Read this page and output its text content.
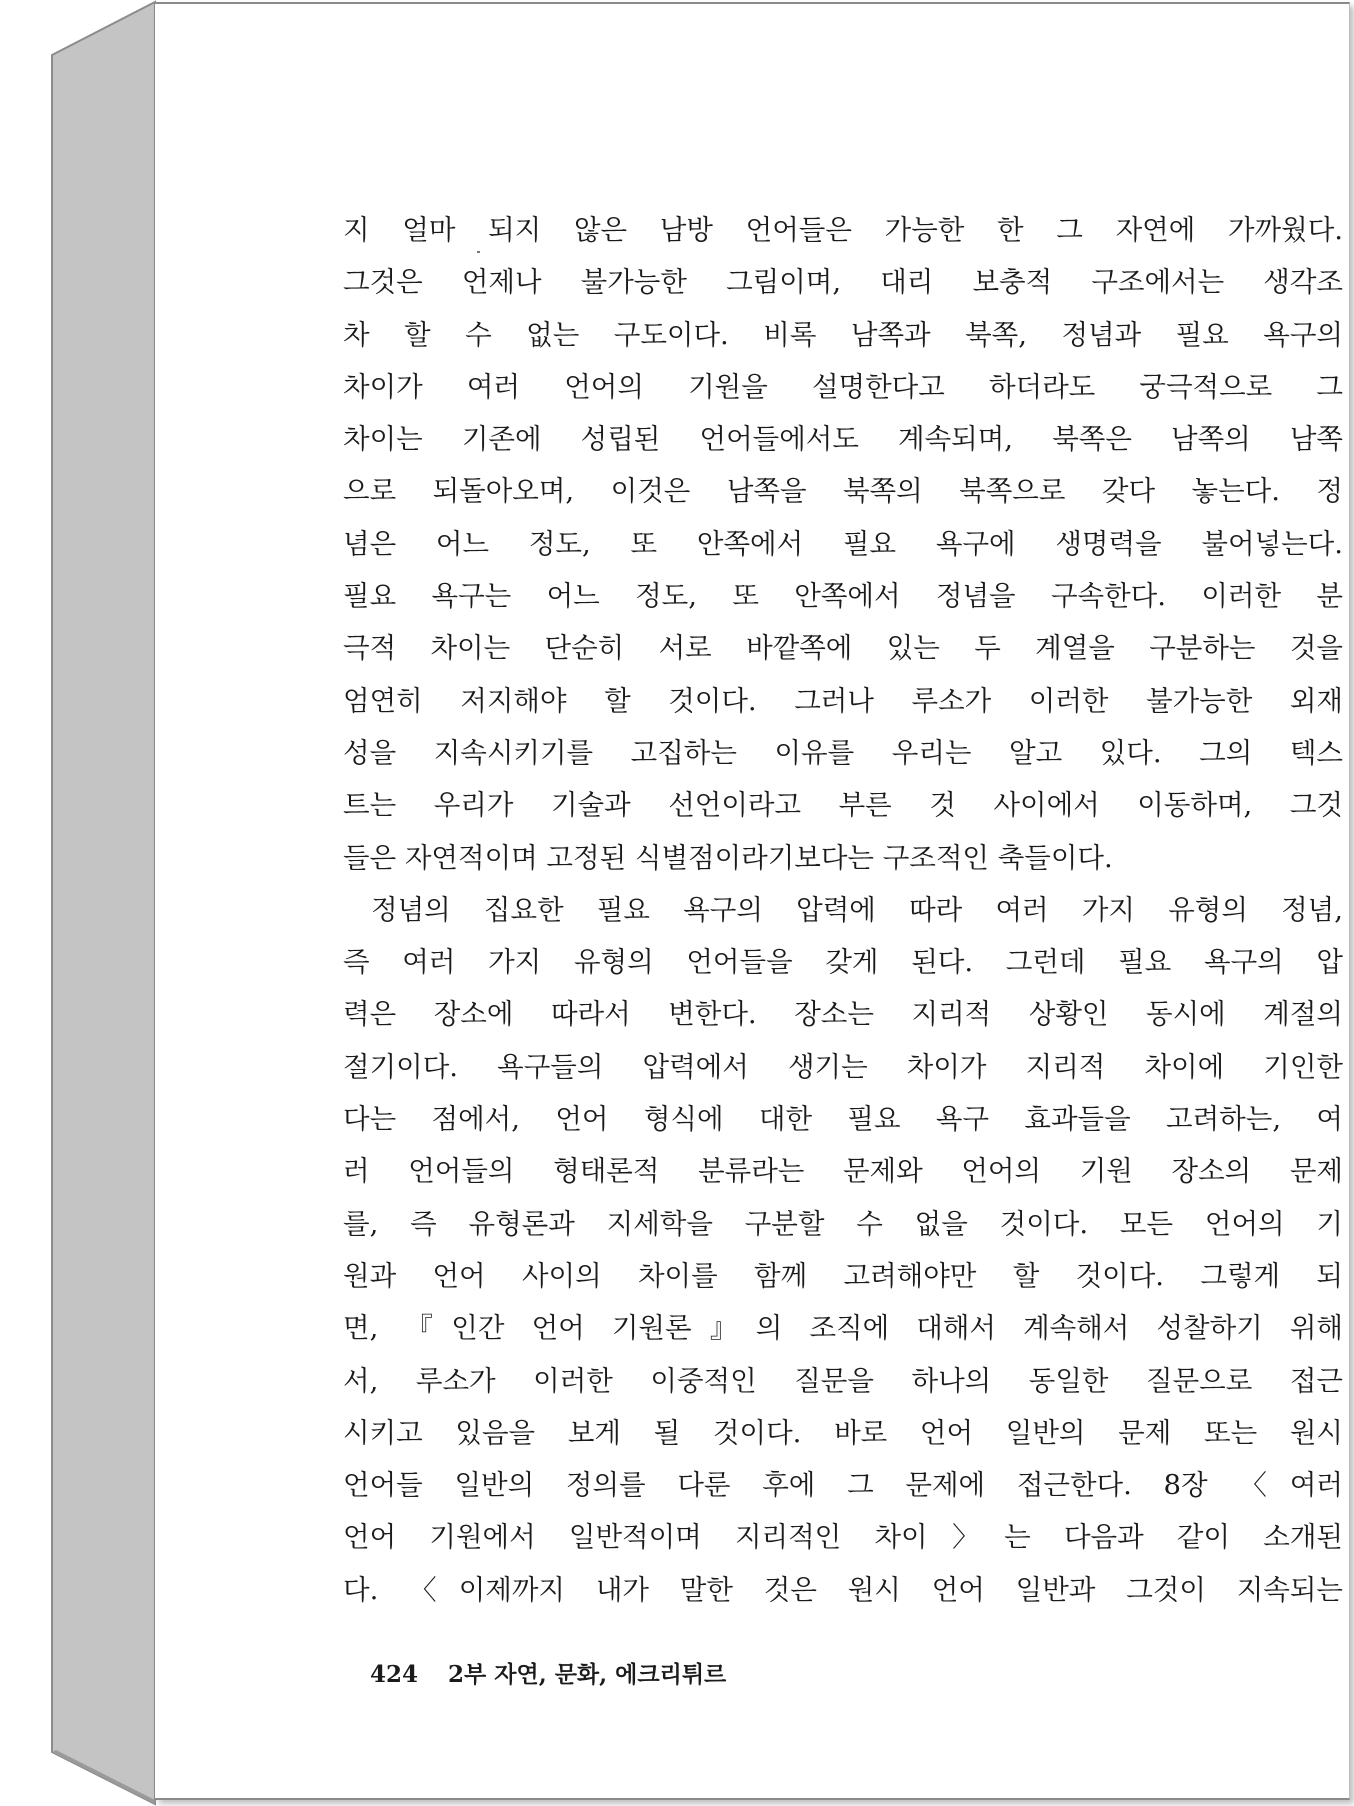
지 얼마 되지 않은 남방 언어들은 가능한 한 그 자연에 가까웠다.
그것은 언제나 불가능한 그림이며, 대리 보충적 구조에서는 생각조
차 할 수 없는 구도이다. 비록 남쪽과 북쪽, 정념과 필요 욕구의
차이가 여러 언어의 기원을 설명한다고 하더라도 궁극적으로 그
차이는 기존에 성립된 언어들에서도 계속되며, 북쪽은 남쪽의 남쪽
으로 되돌아오며, 이것은 남쪽을 북쪽의 북쪽으로 갖다 놓는다. 정
념은 어느 정도, 또 안쪽에서 필요 욕구에 생명력을 불어넣는다.
필요 욕구는 어느 정도, 또 안쪽에서 정념을 구속한다. 이러한 분
극적 차이는 단순히 서로 바깥쪽에 있는 두 계열을 구분하는 것을
엄연히 저지해야 할 것이다. 그러나 루소가 이러한 불가능한 외재
성을 지속시키기를 고집하는 이유를 우리는 알고 있다. 그의 텍스
트는 우리가 기술과 선언이라고 부른 것 사이에서 이동하며, 그것
들은 자연적이며 고정된 식별점이라기보다는 구조적인 축들이다.
정념의 집요한 필요 욕구의 압력에 따라 여러 가지 유형의 정념,
즉 여러 가지 유형의 언어들을 갖게 된다. 그런데 필요 욕구의 압
력은 장소에 따라서 변한다. 장소는 지리적 상황인 동시에 계절의
절기이다. 욕구들의 압력에서 생기는 차이가 지리적 차이에 기인한
다는 점에서, 언어 형식에 대한 필요 욕구 효과들을 고려하는, 여
러 언어들의 형태론적 분류라는 문제와 언어의 기원 장소의 문제
를, 즉 유형론과 지세학을 구분할 수 없을 것이다. 모든 언어의 기
원과 언어 사이의 차이를 함께 고려해야만 할 것이다. 그렇게 되
면, 『인간 언어 기원론』의 조직에 대해서 계속해서 성찰하기 위해
서, 루소가 이러한 이중적인 질문을 하나의 동일한 질문으로 접근
시키고 있음을 보게 될 것이다. 바로 언어 일반의 문제 또는 원시
언어들 일반의 정의를 다룬 후에 그 문제에 접근한다. 8장 〈여러
언어 기원에서 일반적이며 지리적인 차이〉는 다음과 같이 소개된
다. 〈이제까지 내가 말한 것은 원시 언어 일반과 그것이 지속되는
424 2부 자연, 문화, 에크리튀르
